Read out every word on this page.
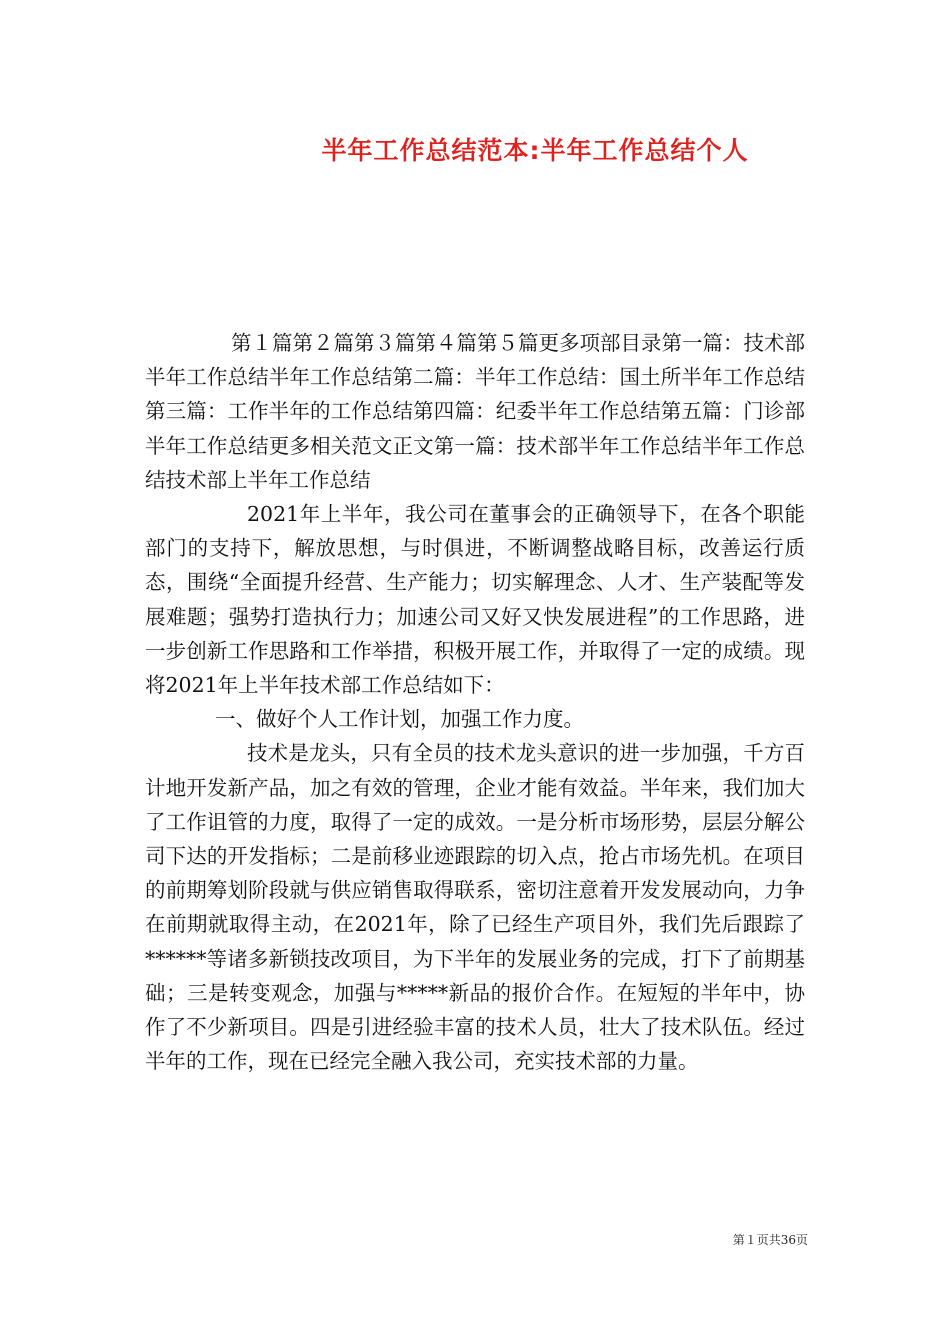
半年工作总结范本:半年工作总结个人

第１篇第２篇第３篇第４篇第５篇更多项部目录第一篇：技术部半年工作总结半年工作总结第二篇：半年工作总结：国土所半年工作总结第三篇：工作半年的工作总结第四篇：纪委半年工作总结第五篇：门诊部半年工作总结更多相关范文正文第一篇：技术部半年工作总结半年工作总结技术部上半年工作总结

2021年上半年，我公司在董事会的正确领导下，在各个职能部门的支持下，解放思想，与时俱进，不断调整战略目标，改善运行质态，围绕“全面提升经营、生产能力；切实解理念、人才、生产装配等发展难题；强势打造执行力；加速公司又好又快发展进程”的工作思路，进一步创新工作思路和工作举措，积极开展工作，并取得了一定的成绩。现将2021年上半年技术部工作总结如下：

一、做好个人工作计划，加强工作力度。

技术是龙头，只有全员的技术龙头意识的进一步加强，千方百计地开发新产品，加之有效的管理，企业才能有效益。半年来，我们加大了工作诅管的力度，取得了一定的成效。一是分析市场形势，层层分解公司下达的开发指标；二是前移业迹跟踪的切入点，抢占市场先机。在项目的前期筹划阶段就与供应销售取得联系，密切注意着开发发展动向，力争在前期就取得主动，在2021年，除了已经生产项目外，我们先后跟踪了******等诸多新锁技改项目，为下半年的发展业务的完成，打下了前期基础；三是转变观念，加强与*****新品的报价合作。在短短的半年中，协作了不少新项目。四是引进经验丰富的技术人员，壮大了技术队伍。经过半年的工作，现在已经完全融入我公司，充实技术部的力量。

第１页共36页
